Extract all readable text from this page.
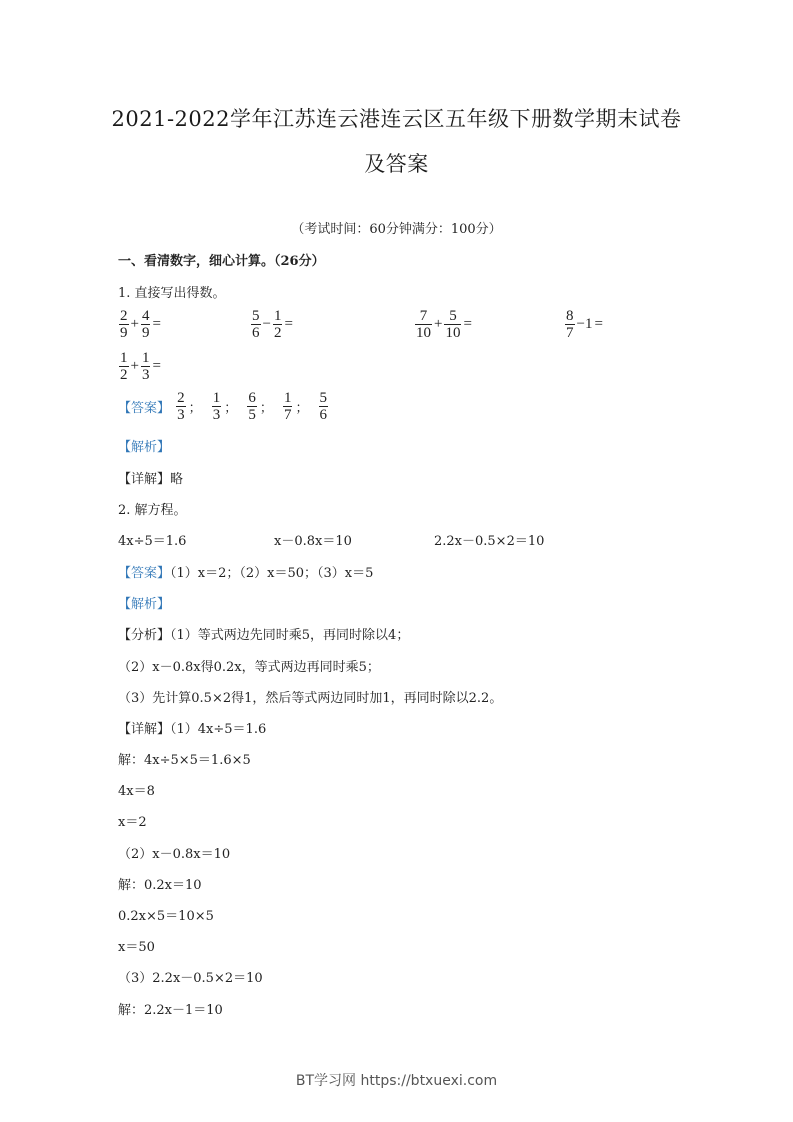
2021-2022学年江苏连云港连云区五年级下册数学期末试卷
及答案
（考试时间：60分钟满分：100分）
一、看清数字，细心计算。（26分）
1. 直接写出得数。
$\frac{2}{9} + \frac{4}{9}$ =	$\frac{5}{6} - \frac{1}{2}$ =	$\frac{7}{10} + \frac{5}{10}$ =	$\frac{8}{7} -1$ =
$\frac{1}{2} + \frac{1}{3}$ =
【答案】 $\frac{2}{3}$ ； $\frac{1}{3}$ ； $\frac{6}{5}$ ； $\frac{1}{7}$ ； $\frac{5}{6}$
【解析】
【详解】略
2. 解方程。
4x÷5＝1.6	x－0.8x＝10	2.2x－0.5×2＝10
【答案】（1）x＝2；（2）x＝50；（3）x＝5
【解析】
【分析】（1）等式两边先同时乘5，再同时除以4；
（2）x－0.8x得0.2x，等式两边再同时乘5；
（3）先计算0.5×2得1，然后等式两边同时加1，再同时除以2.2。
【详解】（1）4x÷5＝1.6
解：4x÷5×5＝1.6×5
4x＝8
x＝2
（2）x－0.8x＝10
解：0.2x＝10
0.2x×5＝10×5
x＝50
（3）2.2x－0.5×2＝10
解：2.2x－1＝10
BT学习网 https://btxuexi.com
